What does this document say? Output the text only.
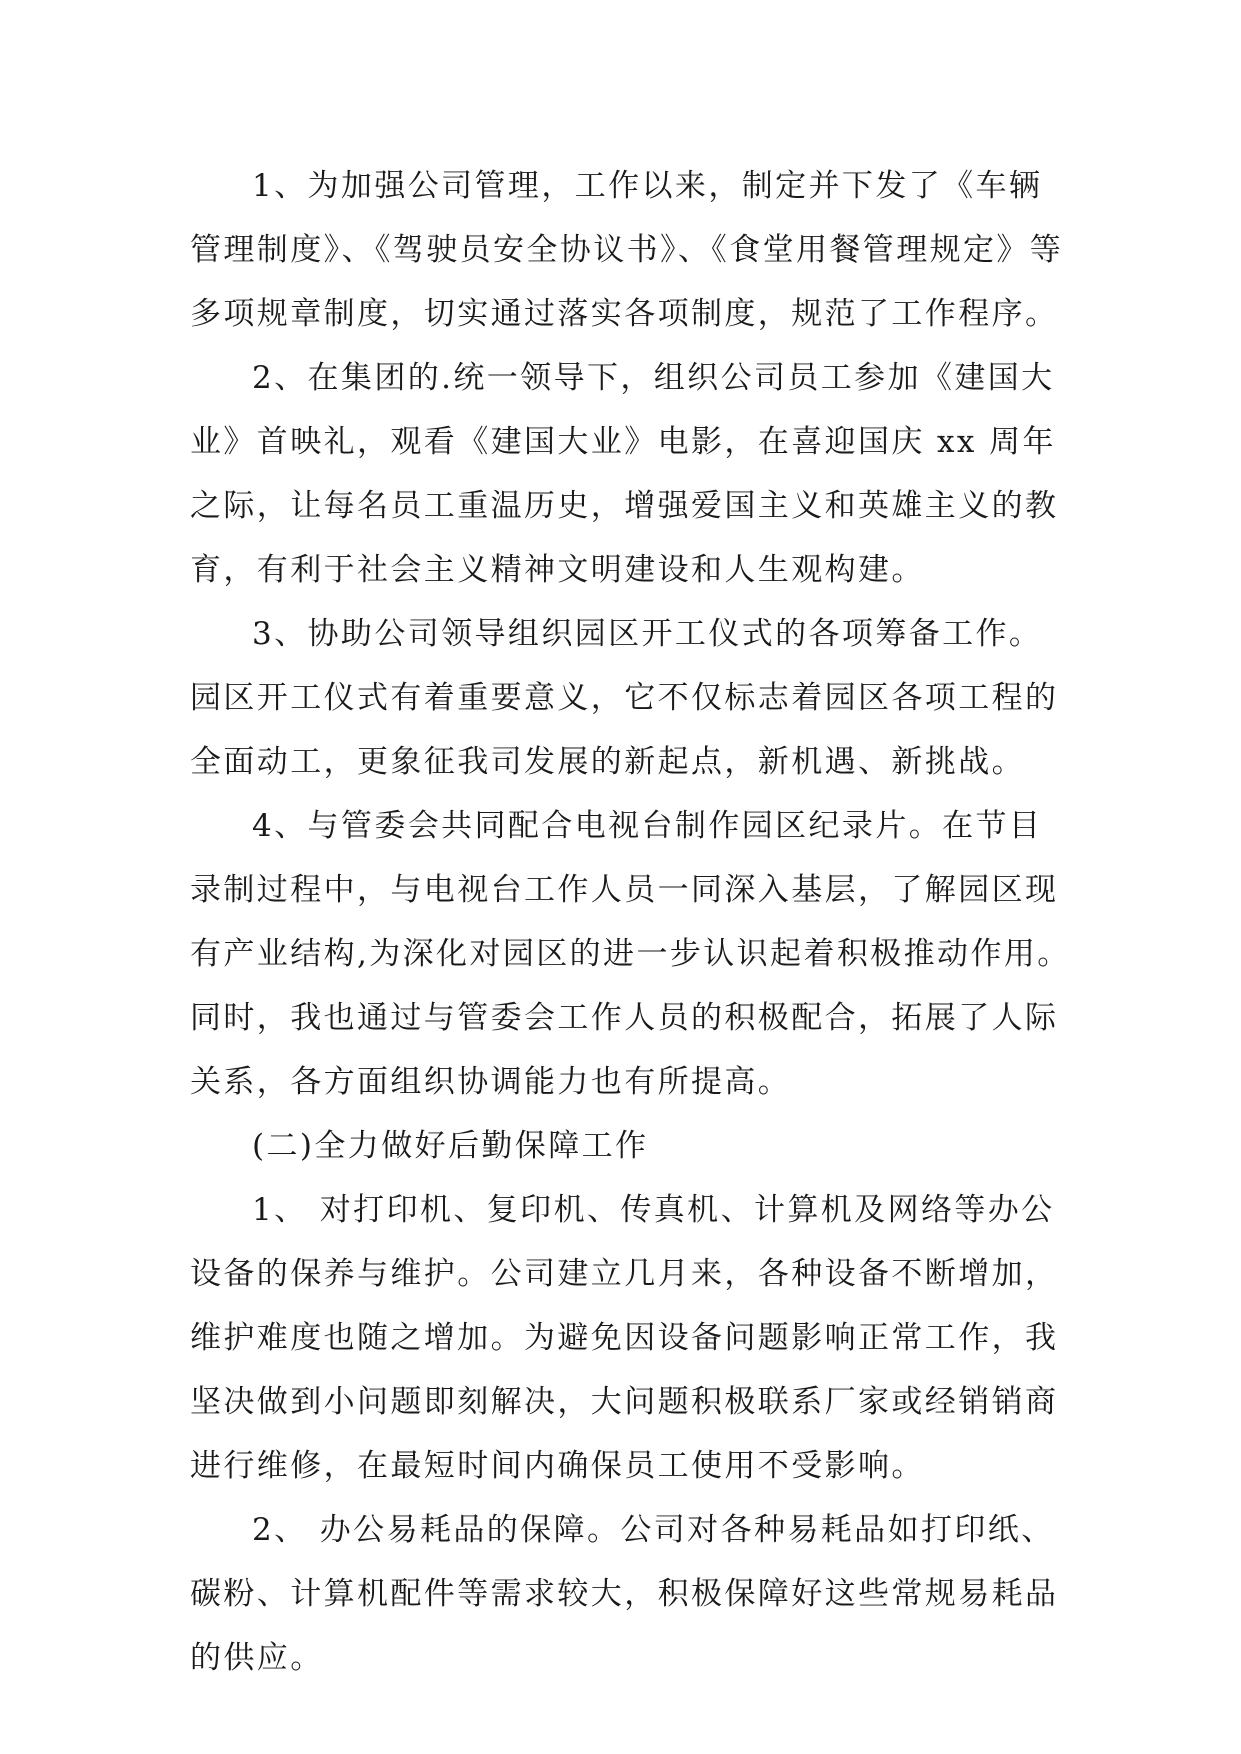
1、为加强公司管理，工作以来，制定并下发了《车辆
管理制度》、《驾驶员安全协议书》、《食堂用餐管理规定》等
多项规章制度，切实通过落实各项制度，规范了工作程序。
2、在集团的.统一领导下，组织公司员工参加《建国大
业》首映礼，观看《建国大业》电影，在喜迎国庆 xx 周年
之际，让每名员工重温历史，增强爱国主义和英雄主义的教
育，有利于社会主义精神文明建设和人生观构建。
3、协助公司领导组织园区开工仪式的各项筹备工作。
园区开工仪式有着重要意义，它不仅标志着园区各项工程的
全面动工，更象征我司发展的新起点，新机遇、新挑战。
4、与管委会共同配合电视台制作园区纪录片。在节目
录制过程中，与电视台工作人员一同深入基层，了解园区现
有产业结构,为深化对园区的进一步认识起着积极推动作用。
同时，我也通过与管委会工作人员的积极配合，拓展了人际
关系，各方面组织协调能力也有所提高。
(二)全力做好后勤保障工作
1、 对打印机、复印机、传真机、计算机及网络等办公
设备的保养与维护。公司建立几月来，各种设备不断增加，
维护难度也随之增加。为避免因设备问题影响正常工作，我
坚决做到小问题即刻解决，大问题积极联系厂家或经销销商
进行维修，在最短时间内确保员工使用不受影响。
2、 办公易耗品的保障。公司对各种易耗品如打印纸、
碳粉、计算机配件等需求较大，积极保障好这些常规易耗品
的供应。
